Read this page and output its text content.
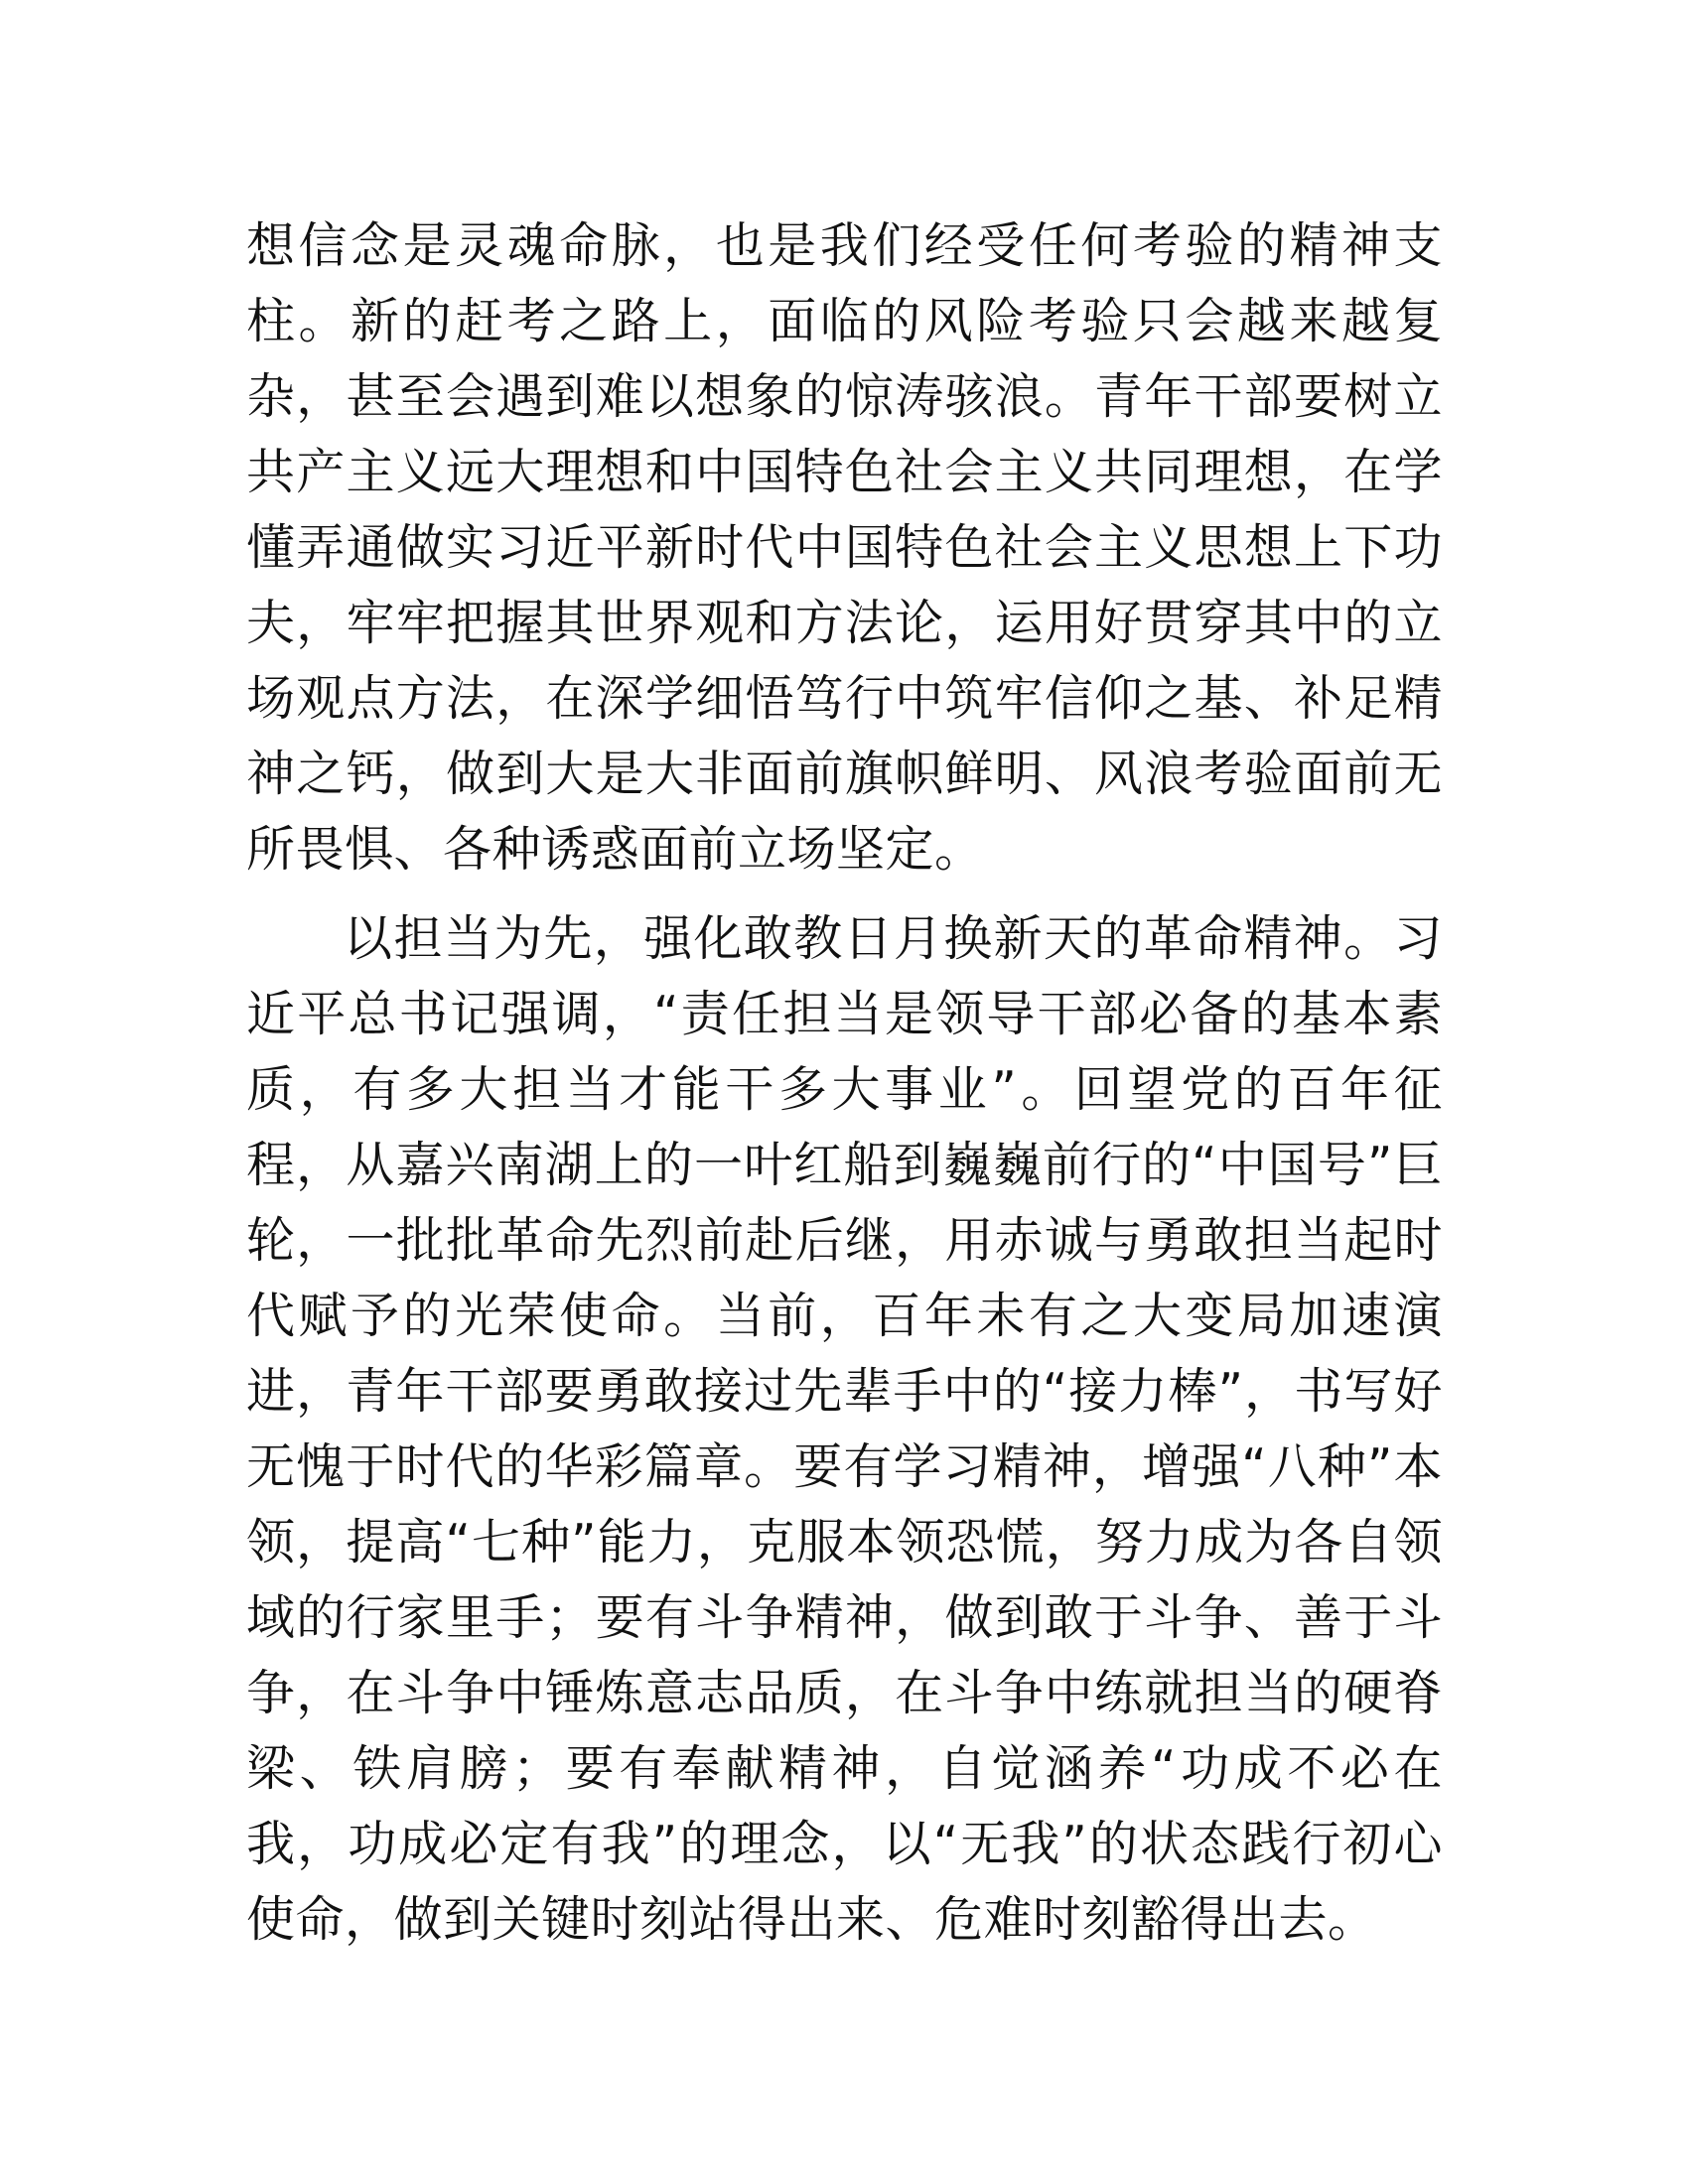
想信念是灵魂命脉，也是我们经受任何考验的精神支柱。新的赶考之路上，面临的风险考验只会越来越复杂，甚至会遇到难以想象的惊涛骇浪。青年干部要树立共产主义远大理想和中国特色社会主义共同理想，在学懂弄通做实习近平新时代中国特色社会主义思想上下功夫，牢牢把握其世界观和方法论，运用好贯穿其中的立场观点方法，在深学细悟笃行中筑牢信仰之基、补足精神之钙，做到大是大非面前旗帜鲜明、风浪考验面前无所畏惧、各种诱惑面前立场坚定。

以担当为先，强化敢教日月换新天的革命精神。习近平总书记强调，“责任担当是领导干部必备的基本素质，有多大担当才能干多大事业”。回望党的百年征程，从嘉兴南湖上的一叶红船到巍巍前行的“中国号”巨轮，一批批革命先烈前赴后继，用赤诚与勇敢担当起时代赋予的光荣使命。当前，百年未有之大变局加速演进，青年干部要勇敢接过先辈手中的“接力棒”，书写好无愧于时代的华彩篇章。要有学习精神，增强“八种”本领，提高“七种”能力，克服本领恐慌，努力成为各自领域的行家里手；要有斗争精神，做到敢于斗争、善于斗争，在斗争中锤炼意志品质，在斗争中练就担当的硬脊梁、铁肩膀；要有奉献精神，自觉涵养“功成不必在我，功成必定有我”的理念，以“无我”的状态践行初心使命，做到关键时刻站得出来、危难时刻豁得出去。
